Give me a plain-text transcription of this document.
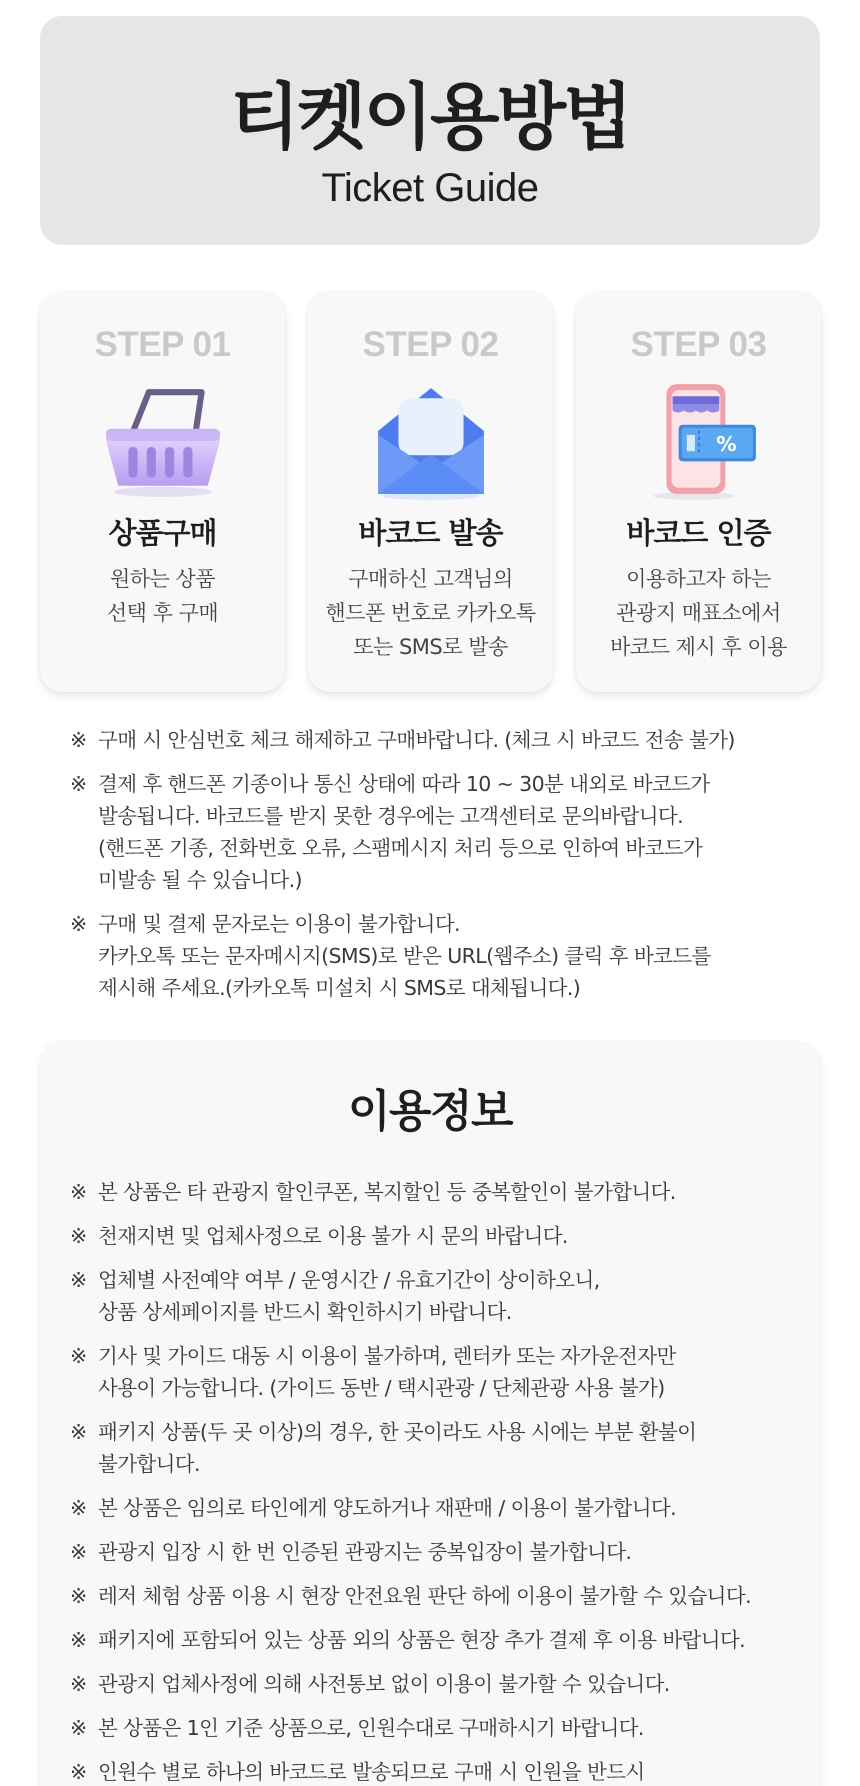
티켓이용방법
Ticket Guide
STEP 01
상품구매
원하는 상품
선택 후 구매
STEP 02
바코드 발송
구매하신 고객님의
핸드폰 번호로 카카오톡
또는 SMS로 발송
STEP 03
%
바코드 인증
이용하고자 하는
관광지 매표소에서
바코드 제시 후 이용
※ 구매 시 안심번호 체크 해제하고 구매바랍니다. (체크 시 바코드 전송 불가)
※ 결제 후 핸드폰 기종이나 통신 상태에 따라 10 ~ 30분 내외로 바코드가
발송됩니다. 바코드를 받지 못한 경우에는 고객센터로 문의바랍니다.
(핸드폰 기종, 전화번호 오류, 스팸메시지 처리 등으로 인하여 바코드가
미발송 될 수 있습니다.)
※ 구매 및 결제 문자로는 이용이 불가합니다.
카카오톡 또는 문자메시지(SMS)로 받은 URL(웹주소) 클릭 후 바코드를
제시해 주세요.(카카오톡 미설치 시 SMS로 대체됩니다.)
이용정보
※ 본 상품은 타 관광지 할인쿠폰, 복지할인 등 중복할인이 불가합니다.
※ 천재지변 및 업체사정으로 이용 불가 시 문의 바랍니다.
※ 업체별 사전예약 여부 / 운영시간 / 유효기간이 상이하오니,
상품 상세페이지를 반드시 확인하시기 바랍니다.
※ 기사 및 가이드 대동 시 이용이 불가하며, 렌터카 또는 자가운전자만
사용이 가능합니다. (가이드 동반 / 택시관광 / 단체관광 사용 불가)
※ 패키지 상품(두 곳 이상)의 경우, 한 곳이라도 사용 시에는 부분 환불이
불가합니다.
※ 본 상품은 임의로 타인에게 양도하거나 재판매 / 이용이 불가합니다.
※ 관광지 입장 시 한 번 인증된 관광지는 중복입장이 불가합니다.
※ 레저 체험 상품 이용 시 현장 안전요원 판단 하에 이용이 불가할 수 있습니다.
※ 패키지에 포함되어 있는 상품 외의 상품은 현장 추가 결제 후 이용 바랍니다.
※ 관광지 업체사정에 의해 사전통보 없이 이용이 불가할 수 있습니다.
※ 본 상품은 1인 기준 상품으로, 인원수대로 구매하시기 바랍니다.
※ 인원수 별로 하나의 바코드로 발송되므로 구매 시 인원을 반드시
